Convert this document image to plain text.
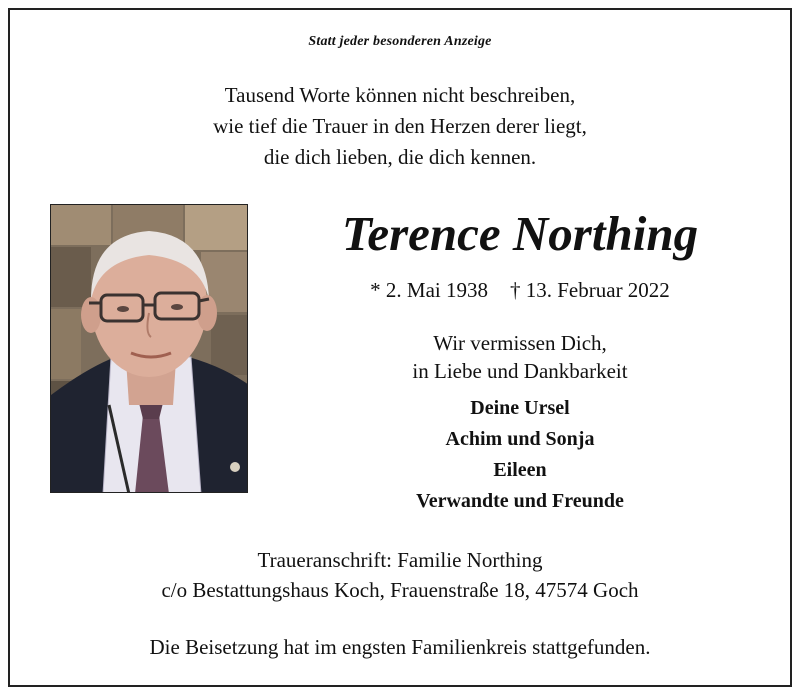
Statt jeder besonderen Anzeige
Tausend Worte können nicht beschreiben,
wie tief die Trauer in den Herzen derer liegt,
die dich lieben, die dich kennen.
Terence Northing
* 2. Mai 1938 † 13. Februar 2022
Wir vermissen Dich,
in Liebe und Dankbarkeit
Deine Ursel
Achim und Sonja
Eileen
Verwandte und Freunde
Traueranschrift: Familie Northing
c/o Bestattungshaus Koch, Frauenstraße 18, 47574 Goch
Die Beisetzung hat im engsten Familienkreis stattgefunden.
